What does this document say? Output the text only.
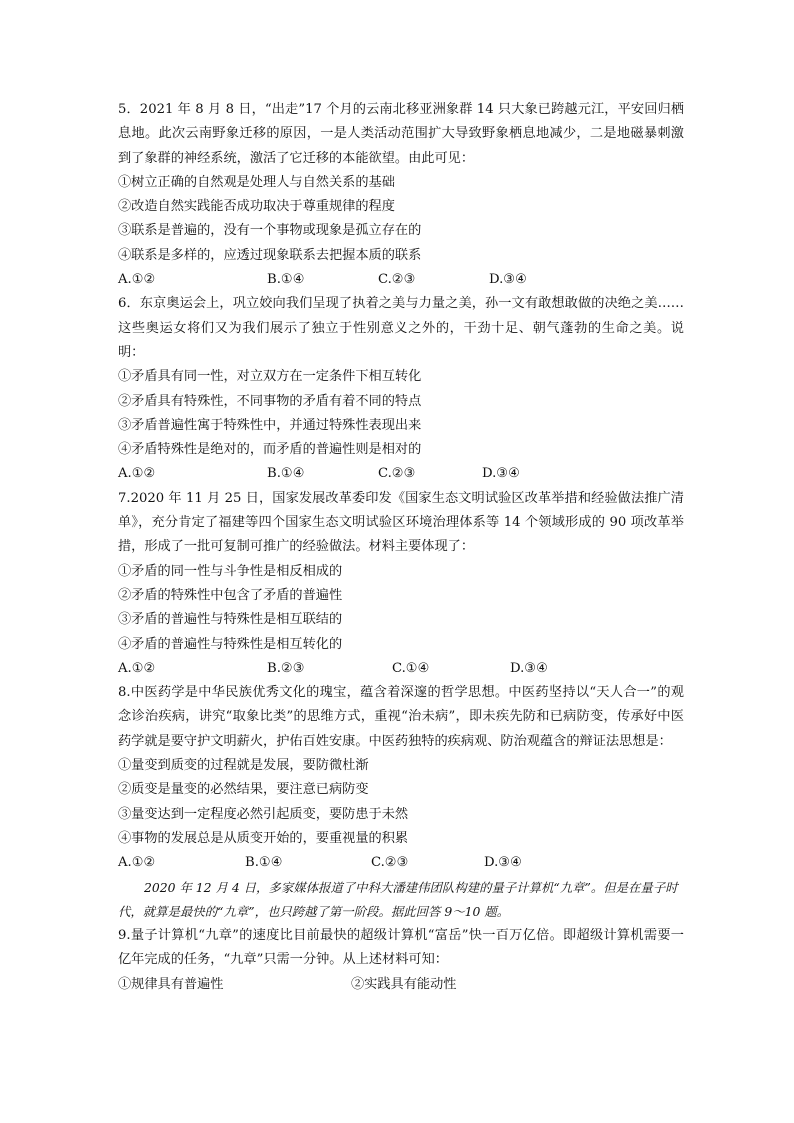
5．2021 年 8 月 8 日，“出走”17 个月的云南北移亚洲象群 14 只大象已跨越元江，平安回归栖息地。此次云南野象迁移的原因，一是人类活动范围扩大导致野象栖息地减少，二是地磁暴刺激到了象群的神经系统，激活了它迁移的本能欲望。由此可见：
①树立正确的自然观是处理人与自然关系的基础
②改造自然实践能否成功取决于尊重规律的程度
③联系是普遍的，没有一个事物或现象是孤立存在的
④联系是多样的，应透过现象联系去把握本质的联系
A.①②	B.①④	C.②③	D.③④
6．东京奥运会上，巩立姣向我们呈现了执着之美与力量之美，孙一文有敢想敢做的决绝之美……这些奥运女将们又为我们展示了独立于性别意义之外的，干劲十足、朝气蓬勃的生命之美。说明：
①矛盾具有同一性，对立双方在一定条件下相互转化
②矛盾具有特殊性，不同事物的矛盾有着不同的特点
③矛盾普遍性寓于特殊性中，并通过特殊性表现出来
④矛盾特殊性是绝对的，而矛盾的普遍性则是相对的
A.①②	B.①④	C.②③	D.③④
7.2020 年 11 月 25 日，国家发展改革委印发《国家生态文明试验区改革举措和经验做法推广清单》，充分肯定了福建等四个国家生态文明试验区环境治理体系等 14 个领域形成的 90 项改革举措，形成了一批可复制可推广的经验做法。材料主要体现了：
①矛盾的同一性与斗争性是相反相成的
②矛盾的特殊性中包含了矛盾的普遍性
③矛盾的普遍性与特殊性是相互联结的
④矛盾的普遍性与特殊性是相互转化的
A.①②	B.②③	C.①④	D.③④
8.中医药学是中华民族优秀文化的瑰宝，蕴含着深邃的哲学思想。中医药坚持以“天人合一”的观念诊治疾病，讲究“取象比类”的思维方式，重视“治未病”，即未疾先防和已病防变，传承好中医药学就是要守护文明薪火，护佑百姓安康。中医药独特的疾病观、防治观蕴含的辩证法思想是：
①量变到质变的过程就是发展，要防微杜渐
②质变是量变的必然结果，要注意已病防变
③量变达到一定程度必然引起质变，要防患于未然
④事物的发展总是从质变开始的，要重视量的积累
A.①②	B.①④	C.②③	D.③④
2020 年 12 月 4 日，多家媒体报道了中科大潘建伟团队构建的量子计算机“九章”。但是在量子时代，就算是最快的“九章”，也只跨越了第一阶段。据此回答 9～10 题。
9.量子计算机“九章”的速度比目前最快的超级计算机“富岳”快一百万亿倍。即超级计算机需要一亿年完成的任务，“九章”只需一分钟。从上述材料可知：
①规律具有普遍性	②实践具有能动性
